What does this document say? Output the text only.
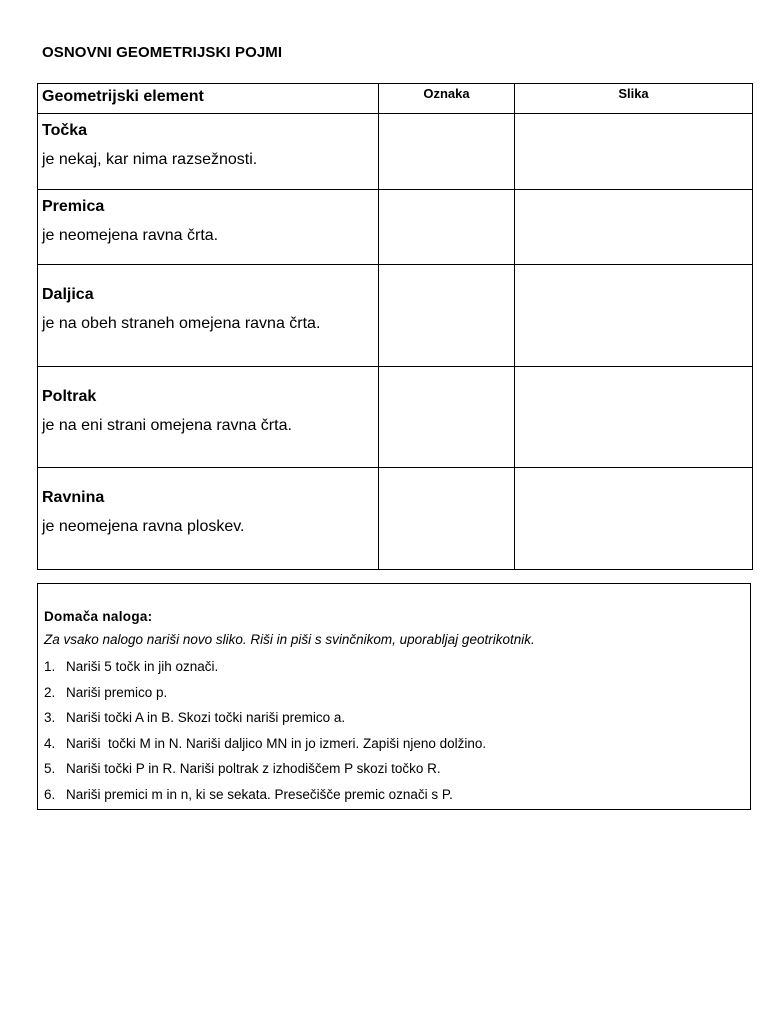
OSNOVNI GEOMETRIJSKI POJMI
Geometrijski element	Oznaka	Slika

Točka
je nekaj, kar nima razsežnosti.		

Premica
je neomejena ravna črta.		

Daljica
je na obeh straneh omejena ravna črta.		

Poltrak
je na eni strani omejena ravna črta.		

Ravnina
je neomejena ravna ploskev.		

Domača naloga:
Za vsako nalogo nariši novo sliko. Riši in piši s svinčnikom, uporabljaj geotrikotnik.
1. Nariši 5 točk in jih označi.
2. Nariši premico p.
3. Nariši točki A in B. Skozi točki nariši premico a.
4. Nariši  točki M in N. Nariši daljico MN in jo izmeri. Zapiši njeno dolžino.
5. Nariši točki P in R. Nariši poltrak z izhodiščem P skozi točko R.
6. Nariši premici m in n, ki se sekata. Presečišče premic označi s P.
